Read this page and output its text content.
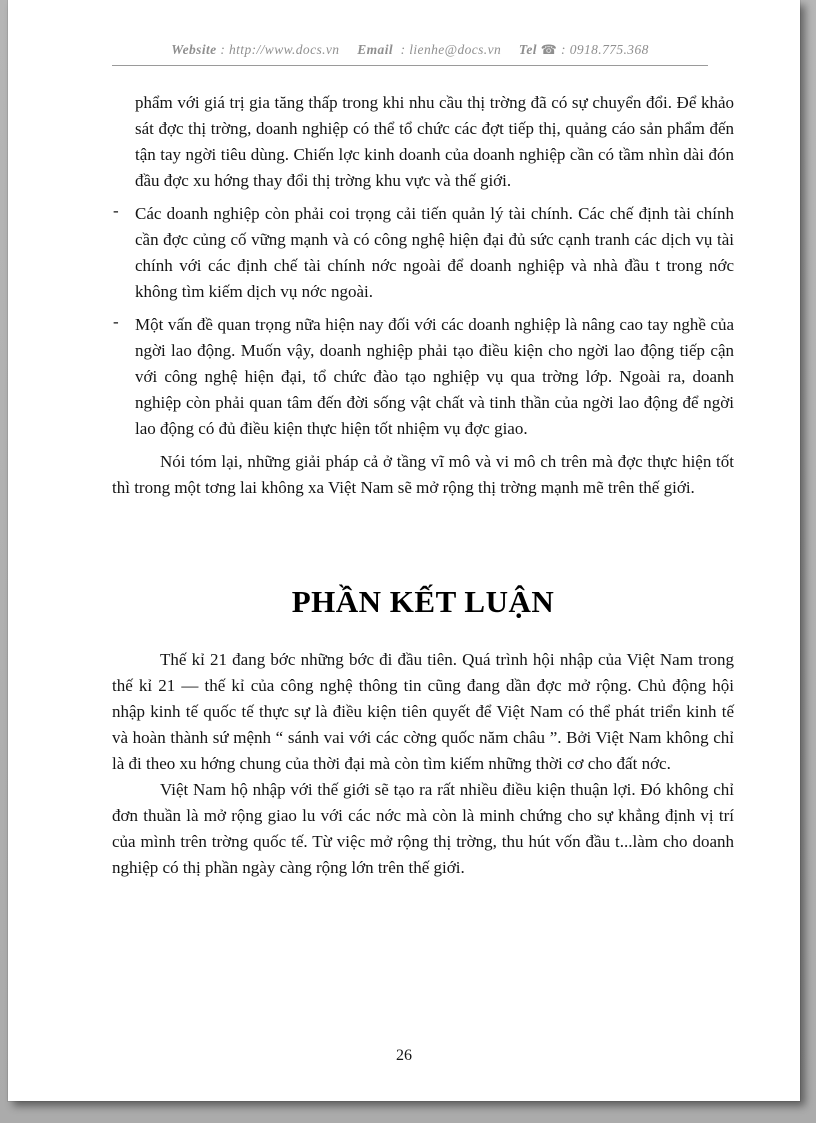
Website : http://www.docs.vn Email : lienhe@docs.vn Tel ☎ : 0918.775.368
phẩm với giá trị gia tăng thấp trong khi nhu cầu thị trờng đã có sự chuyển đổi. Để khảo sát đợc thị trờng, doanh nghiệp có thể tổ chức các đợt tiếp thị, quảng cáo sản phẩm đến tận tay ngời tiêu dùng. Chiến lợc kinh doanh của doanh nghiệp cần có tầm nhìn dài đón đầu đợc xu hớng thay đổi thị trờng khu vực và thế giới.
- Các doanh nghiệp còn phải coi trọng cải tiến quản lý tài chính. Các chế định tài chính cần đợc củng cố vững mạnh và có công nghệ hiện đại đủ sức cạnh tranh các dịch vụ tài chính với các định chế tài chính nớc ngoài để doanh nghiệp và nhà đầu t trong nớc không tìm kiếm dịch vụ nớc ngoài.
- Một vấn đề quan trọng nữa hiện nay đối với các doanh nghiệp là nâng cao tay nghề của ngời lao động. Muốn vậy, doanh nghiệp phải tạo điều kiện cho ngời lao động tiếp cận với công nghệ hiện đại, tổ chức đào tạo nghiệp vụ qua trờng lớp. Ngoài ra, doanh nghiệp còn phải quan tâm đến đời sống vật chất và tinh thần của ngời lao động để ngời lao động có đủ điều kiện thực hiện tốt nhiệm vụ đợc giao.

Nói tóm lại, những giải pháp cả ở tầng vĩ mô và vi mô ch trên mà đợc thực hiện tốt thì trong một tơng lai không xa Việt Nam sẽ mở rộng thị trờng mạnh mẽ trên thế giới.

PHẦN KẾT LUẬN

Thế kỉ 21 đang bớc những bớc đi đầu tiên. Quá trình hội nhập của Việt Nam trong thế kỉ 21 — thế kỉ của công nghệ thông tin cũng đang dần đợc mở rộng. Chủ động hội nhập kinh tế quốc tế thực sự là điều kiện tiên quyết để Việt Nam có thể phát triển kinh tế và hoàn thành sứ mệnh “ sánh vai với các cờng quốc năm châu ”. Bởi Việt Nam không chỉ là đi theo xu hớng chung của thời đại mà còn tìm kiếm những thời cơ cho đất nớc.

Việt Nam hộ nhập với thế giới sẽ tạo ra rất nhiều điều kiện thuận lợi. Đó không chỉ đơn thuần là mở rộng giao lu với các nớc mà còn là minh chứng cho sự khẳng định vị trí của mình trên trờng quốc tế. Từ việc mở rộng thị trờng, thu hút vốn đầu t...làm cho doanh nghiệp có thị phần ngày càng rộng lớn trên thế giới.

26
